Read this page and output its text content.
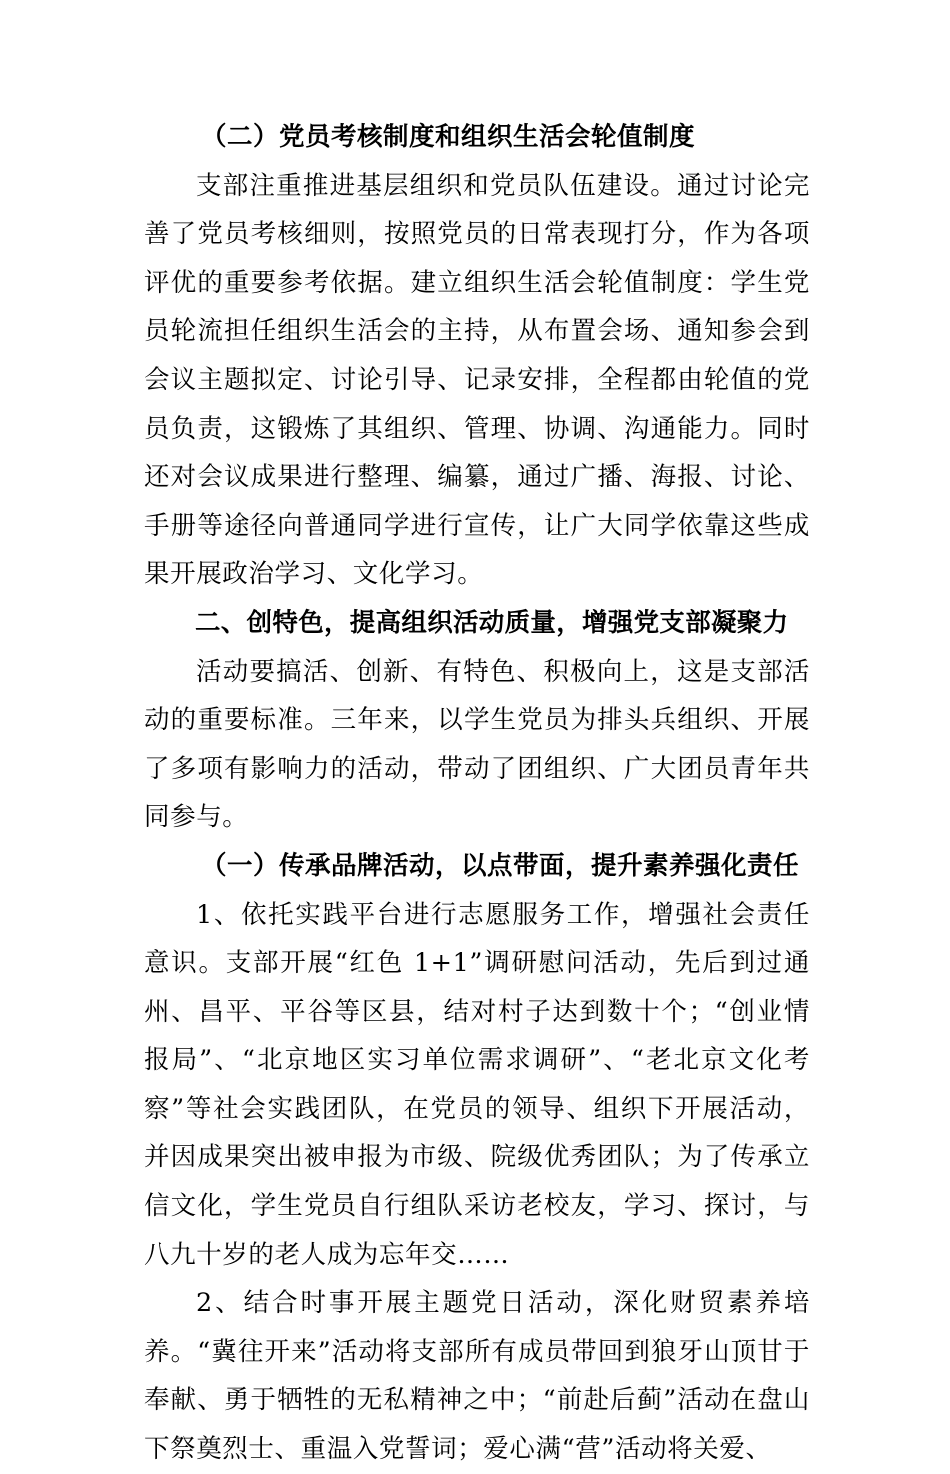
（二）党员考核制度和组织生活会轮值制度

支部注重推进基层组织和党员队伍建设。通过讨论完善了党员考核细则，按照党员的日常表现打分，作为各项评优的重要参考依据。建立组织生活会轮值制度：学生党员轮流担任组织生活会的主持，从布置会场、通知参会到会议主题拟定、讨论引导、记录安排，全程都由轮值的党员负责，这锻炼了其组织、管理、协调、沟通能力。同时还对会议成果进行整理、编纂，通过广播、海报、讨论、手册等途径向普通同学进行宣传，让广大同学依靠这些成果开展政治学习、文化学习。

二、创特色，提高组织活动质量，增强党支部凝聚力

活动要搞活、创新、有特色、积极向上，这是支部活动的重要标准。三年来，以学生党员为排头兵组织、开展了多项有影响力的活动，带动了团组织、广大团员青年共同参与。

（一）传承品牌活动，以点带面，提升素养强化责任

1、依托实践平台进行志愿服务工作，增强社会责任意识。支部开展“红色 1+1”调研慰问活动，先后到过通州、昌平、平谷等区县，结对村子达到数十个；“创业情报局”、“北京地区实习单位需求调研”、“老北京文化考察”等社会实践团队，在党员的领导、组织下开展活动，并因成果突出被申报为市级、院级优秀团队；为了传承立信文化，学生党员自行组队采访老校友，学习、探讨，与八九十岁的老人成为忘年交……

2、结合时事开展主题党日活动，深化财贸素养培养。“冀往开来”活动将支部所有成员带回到狼牙山顶甘于奉献、勇于牺牲的无私精神之中；“前赴后蓟”活动在盘山下祭奠烈士、重温入党誓词；爱心满“营”活动将关爱、
